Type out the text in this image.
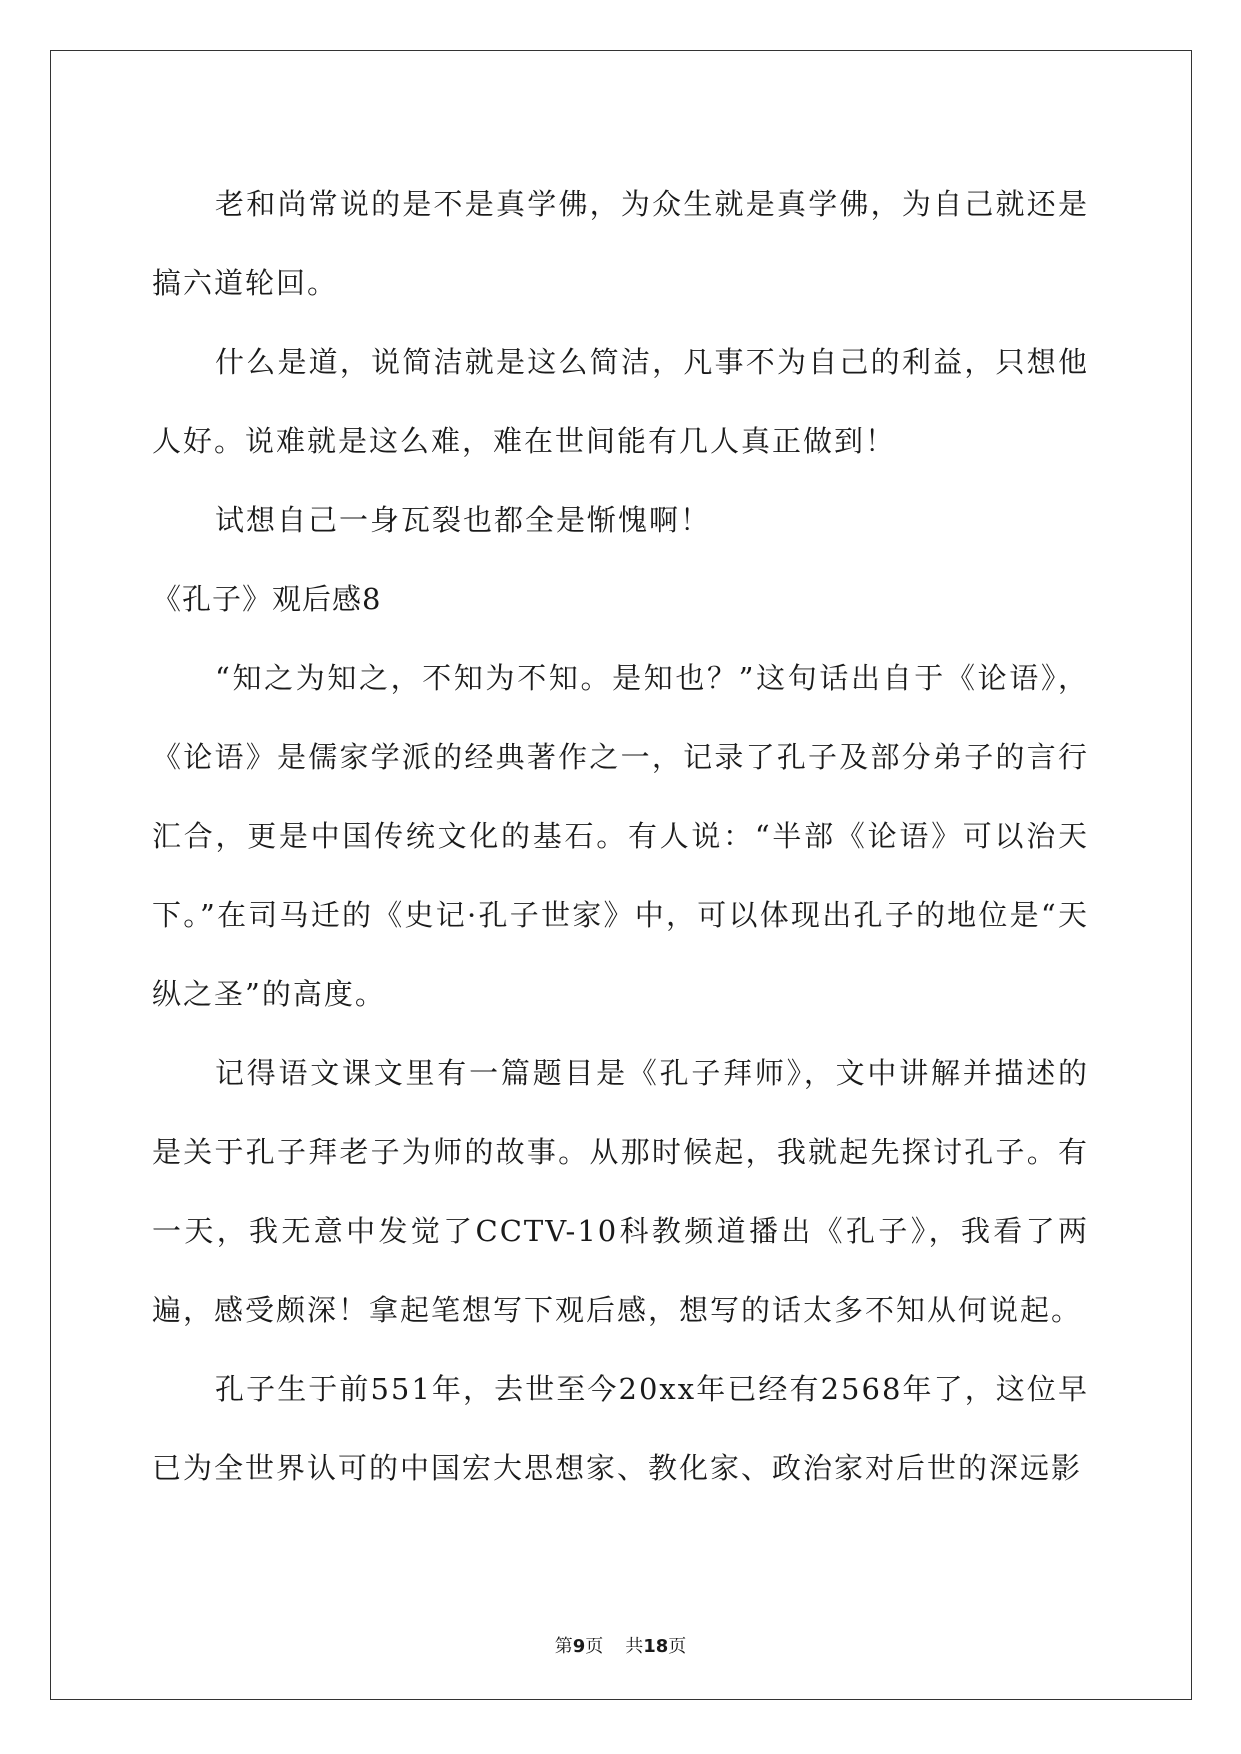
老和尚常说的是不是真学佛，为众生就是真学佛，为自己就还是搞六道轮回。

什么是道，说简洁就是这么简洁，凡事不为自己的利益，只想他人好。说难就是这么难，难在世间能有几人真正做到！

试想自己一身瓦裂也都全是惭愧啊！

《孔子》观后感8

“知之为知之，不知为不知。是知也？”这句话出自于《论语》，《论语》是儒家学派的经典著作之一，记录了孔子及部分弟子的言行汇合，更是中国传统文化的基石。有人说：“半部《论语》可以治天下。”在司马迁的《史记·孔子世家》中，可以体现出孔子的地位是“天纵之圣”的高度。

记得语文课文里有一篇题目是《孔子拜师》，文中讲解并描述的是关于孔子拜老子为师的故事。从那时候起，我就起先探讨孔子。有一天，我无意中发觉了CCTV-10科教频道播出《孔子》，我看了两遍，感受颇深！拿起笔想写下观后感，想写的话太多不知从何说起。

孔子生于前551年，去世至今20xx年已经有2568年了，这位早已为全世界认可的中国宏大思想家、教化家、政治家对后世的深远影

第9页 共18页
